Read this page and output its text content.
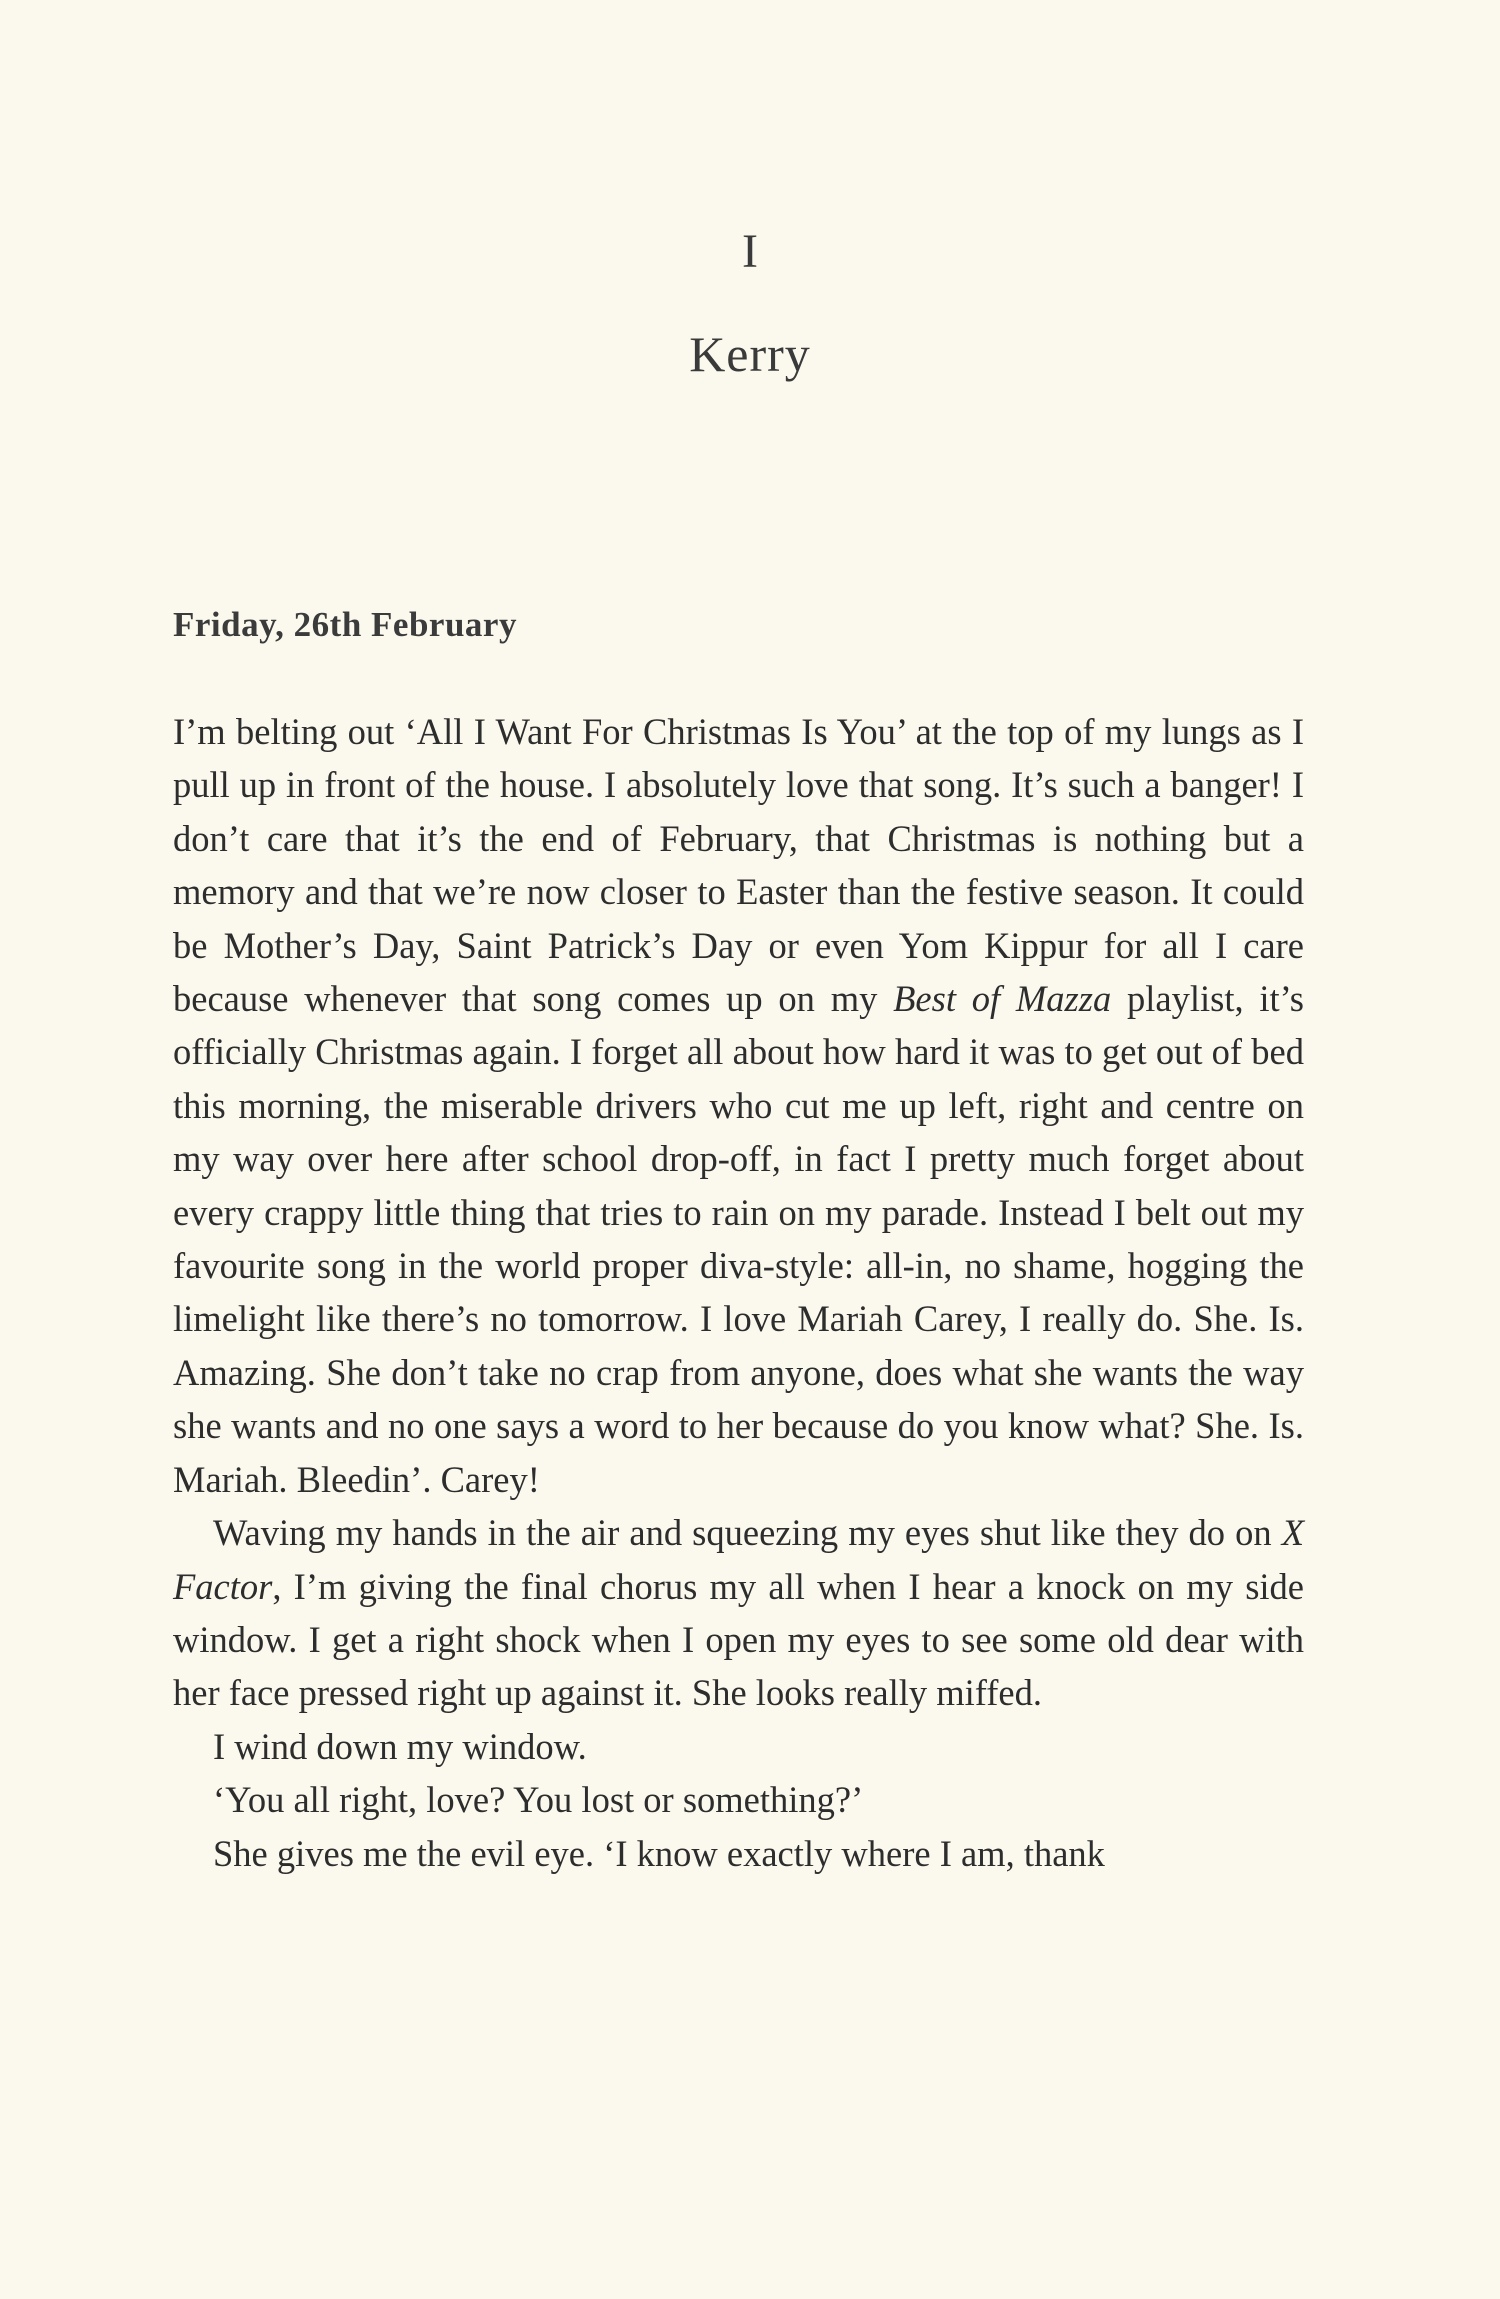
I
Kerry
Friday, 26th February

I’m belting out ‘All I Want For Christmas Is You’ at the top of my lungs as I pull up in front of the house. I absolutely love that song. It’s such a banger! I don’t care that it’s the end of February, that Christmas is nothing but a memory and that we’re now closer to Easter than the festive season. It could be Mother’s Day, Saint Patrick’s Day or even Yom Kippur for all I care because whenever that song comes up on my Best of Mazza playlist, it’s officially Christmas again. I forget all about how hard it was to get out of bed this morning, the miserable drivers who cut me up left, right and centre on my way over here after school drop-off, in fact I pretty much forget about every crappy little thing that tries to rain on my parade. Instead I belt out my favourite song in the world proper diva-style: all-in, no shame, hogging the limelight like there’s no tomorrow. I love Mariah Carey, I really do. She. Is. Amazing. She don’t take no crap from anyone, does what she wants the way she wants and no one says a word to her because do you know what? She. Is. Mariah. Bleedin’. Carey!

Waving my hands in the air and squeezing my eyes shut like they do on X Factor, I’m giving the final chorus my all when I hear a knock on my side window. I get a right shock when I open my eyes to see some old dear with her face pressed right up against it. She looks really miffed.

I wind down my window.

‘You all right, love? You lost or something?’

She gives me the evil eye. ‘I know exactly where I am, thank
